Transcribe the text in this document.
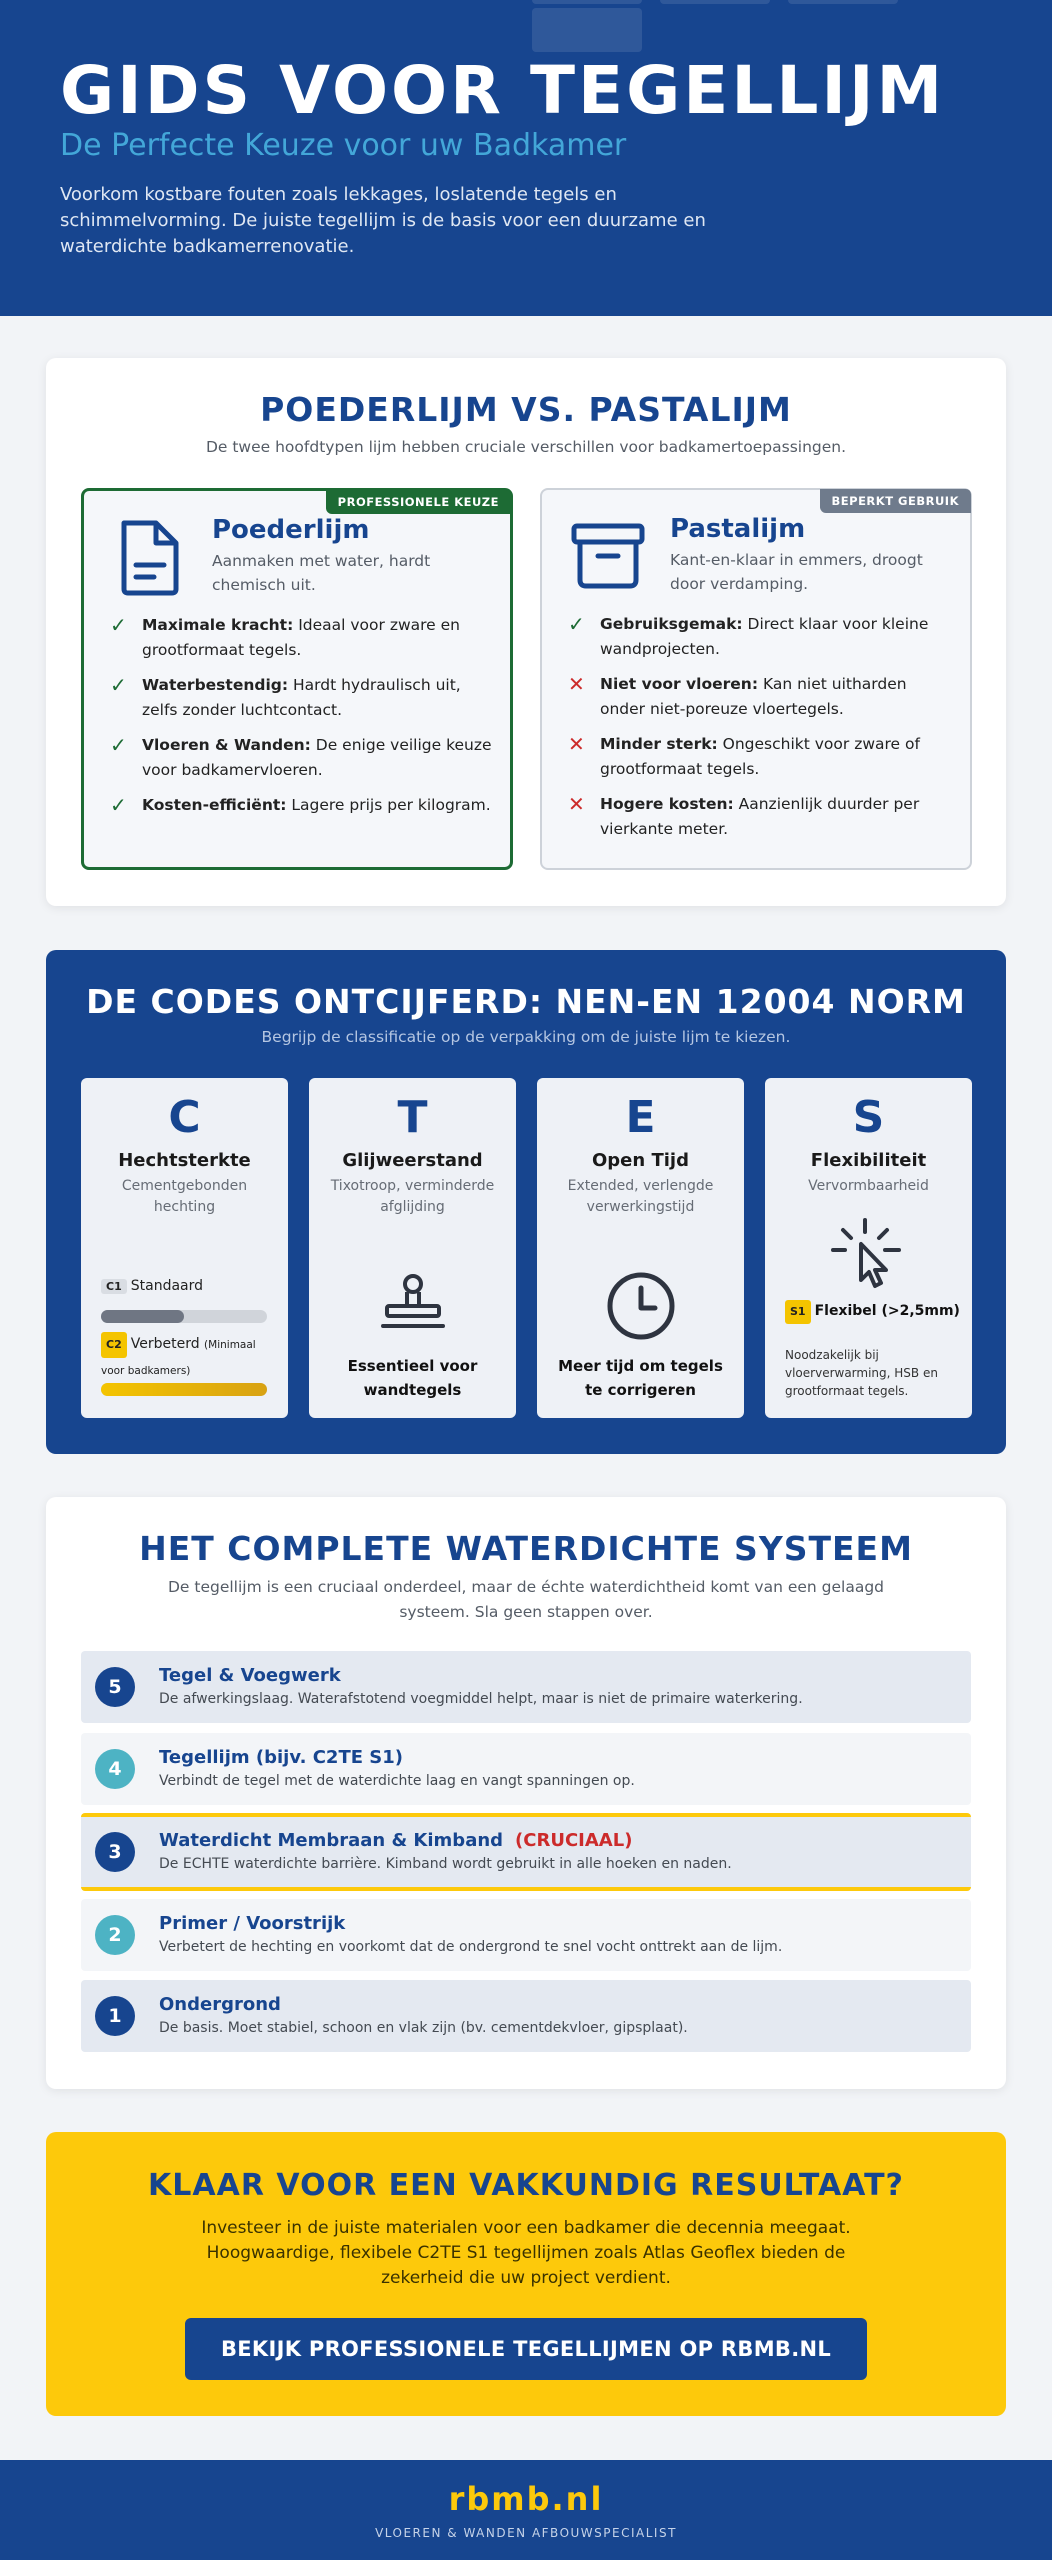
GIDS VOOR TEGELLIJM
De Perfecte Keuze voor uw Badkamer

Voorkom kostbare fouten zoals lekkages, loslatende tegels en schimmelvorming. De juiste tegellijm is de basis voor een duurzame en waterdichte badkamerrenovatie.

POEDERLIJM VS. PASTALIJM
De twee hoofdtypen lijm hebben cruciale verschillen voor badkamertoepassingen.
PROFESSIONELE KEUZE
Poederlijm
Aanmaken met water, hardt chemisch uit.
✓ Maximale kracht: Ideaal voor zware en grootformaat tegels.
✓ Waterbestendig: Hardt hydraulisch uit, zelfs zonder luchtcontact.
✓ Vloeren & Wanden: De enige veilige keuze voor badkamervloeren.
✓ Kosten-efficiënt: Lagere prijs per kilogram.
BEPERKT GEBRUIK
Pastalijm
Kant-en-klaar in emmers, droogt door verdamping.
✓ Gebruiksgemak: Direct klaar voor kleine wandprojecten.
✕ Niet voor vloeren: Kan niet uitharden onder niet-poreuze vloertegels.
✕ Minder sterk: Ongeschikt voor zware of grootformaat tegels.
✕ Hogere kosten: Aanzienlijk duurder per vierkante meter.
DE CODES ONTCIJFERD: NEN-EN 12004 NORM
Begrijp de classificatie op de verpakking om de juiste lijm te kiezen.
C
Hechtsterkte
Cementgebonden hechting
C1 Standaard
C2 Verbeterd (Minimaal voor badkamers)
T
Glijweerstand
Tixotroop, verminderde afglijding
Essentieel voor wandtegels
E
Open Tijd
Extended, verlengde verwerkingstijd
Meer tijd om tegels te corrigeren
S
Flexibiliteit
Vervormbaarheid
S1 Flexibel (>2,5mm)
Noodzakelijk bij vloerverwarming, HSB en grootformaat tegels.
HET COMPLETE WATERDICHTE SYSTEEM
De tegellijm is een cruciaal onderdeel, maar de échte waterdichtheid komt van een gelaagd systeem. Sla geen stappen over.
5
Tegel & Voegwerk
De afwerkingslaag. Waterafstotend voegmiddel helpt, maar is niet de primaire waterkering.
4
Tegellijm (bijv. C2TE S1)
Verbindt de tegel met de waterdichte laag en vangt spanningen op.
3
Waterdicht Membraan & Kimband (CRUCIAAL)
De ECHTE waterdichte barrière. Kimband wordt gebruikt in alle hoeken en naden.
2
Primer / Voorstrijk
Verbetert de hechting en voorkomt dat de ondergrond te snel vocht onttrekt aan de lijm.
1
Ondergrond
De basis. Moet stabiel, schoon en vlak zijn (bv. cementdekvloer, gipsplaat).
KLAAR VOOR EEN VAKKUNDIG RESULTAAT?

Investeer in de juiste materialen voor een badkamer die decennia meegaat. Hoogwaardige, flexibele C2TE S1 tegellijmen zoals Atlas Geoflex bieden de zekerheid die uw project verdient.

BEKIJK PROFESSIONELE TEGELLIJMEN OP RBMB.NL
rbmb.nl
VLOEREN & WANDEN AFBOUWSPECIALIST
